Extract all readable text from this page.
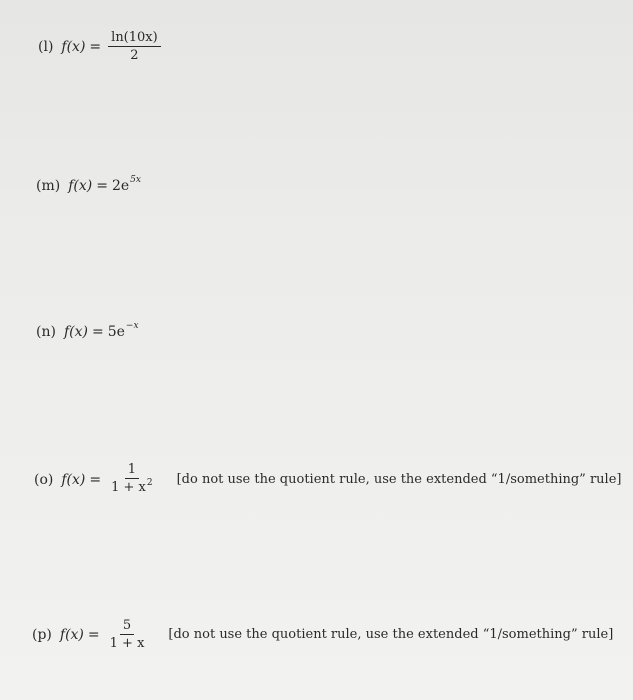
(l) $f(x) = \frac{\ln(10x)}{2}$
(m) f(x) = 2e 5x
(n) f(x) = 5e −x
(o) $f(x) = \frac{1}{1 + x^2} [do$ not use the quotient rule, use the extended “1/something” rule]
(p) $f(x) = \frac{5}{1 + x} [do$ not use the quotient rule, use the extended “1/something” rule]
